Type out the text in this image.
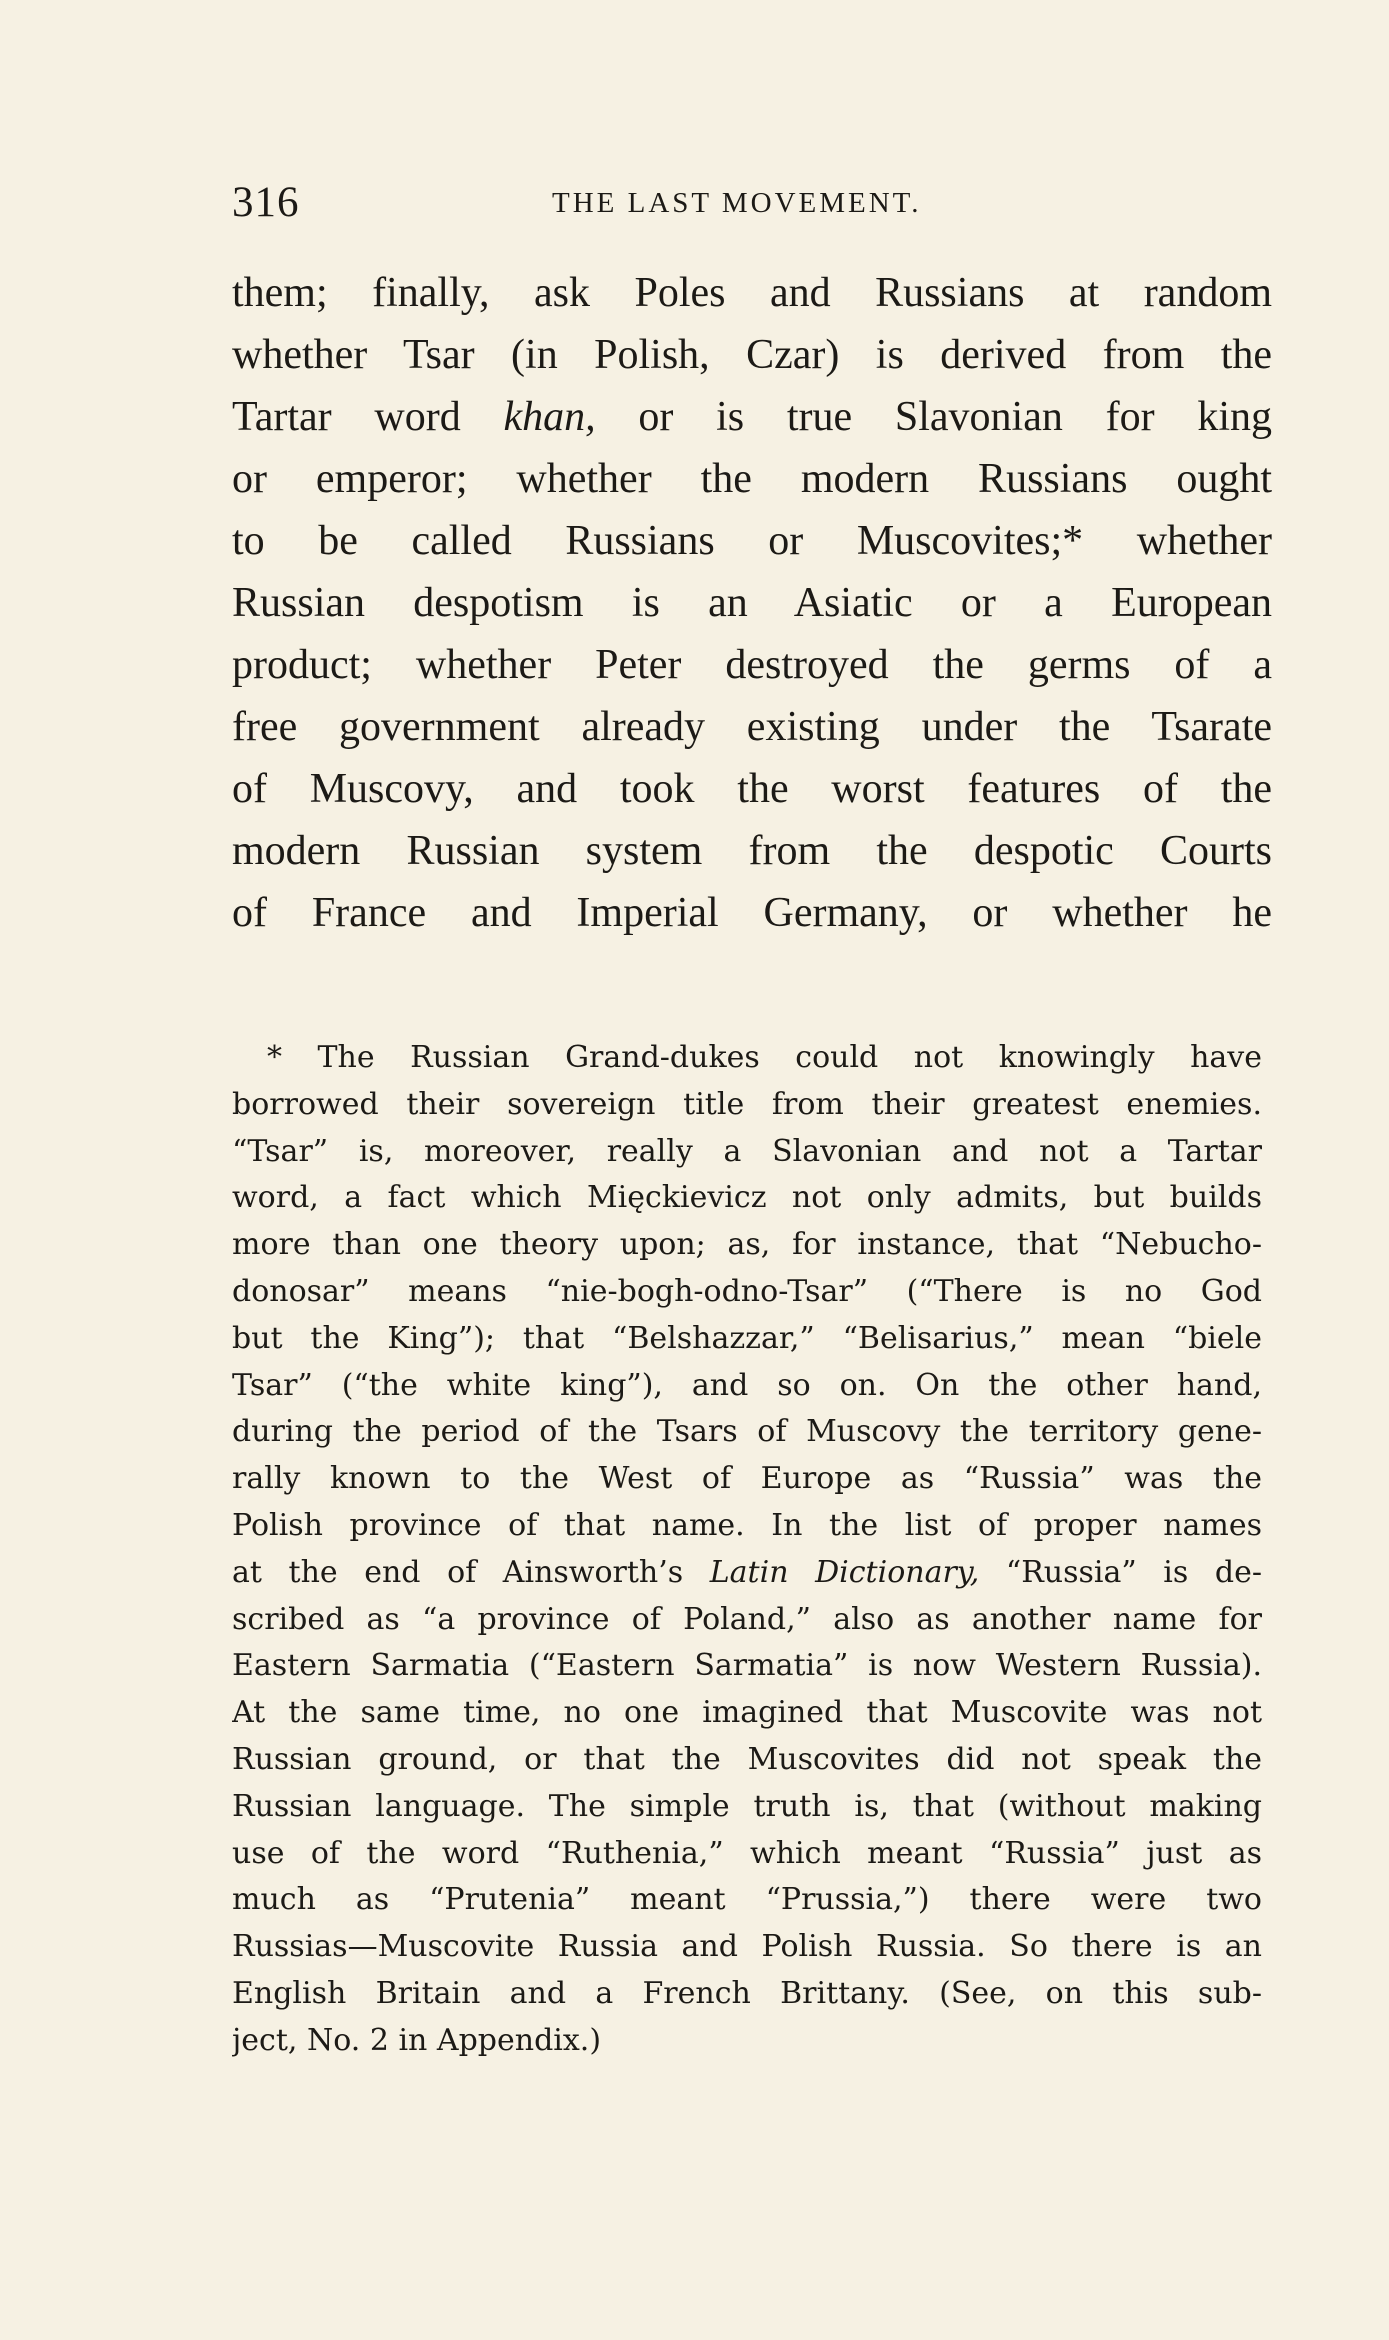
316	THE LAST MOVEMENT.
them; finally, ask Poles and Russians at random
whether Tsar (in Polish, Czar) is derived from the
Tartar word khan, or is true Slavonian for king
or emperor; whether the modern Russians ought
to be called Russians or Muscovites;* whether
Russian despotism is an Asiatic or a European
product; whether Peter destroyed the germs of a
free government already existing under the Tsarate
of Muscovy, and took the worst features of the
modern Russian system from the despotic Courts
of France and Imperial Germany, or whether he
* The Russian Grand-dukes could not knowingly have
borrowed their sovereign title from their greatest enemies.
“Tsar” is, moreover, really a Slavonian and not a Tartar
word, a fact which Mięckievicz not only admits, but builds
more than one theory upon; as, for instance, that “Nebucho-
donosar” means “nie-bogh-odno-Tsar” (“There is no God
but the King”); that “Belshazzar,” “Belisarius,” mean “biele
Tsar” (“the white king”), and so on. On the other hand,
during the period of the Tsars of Muscovy the territory gene-
rally known to the West of Europe as “Russia” was the
Polish province of that name. In the list of proper names
at the end of Ainsworth’s Latin Dictionary, “Russia” is de-
scribed as “a province of Poland,” also as another name for
Eastern Sarmatia (“Eastern Sarmatia” is now Western Russia).
At the same time, no one imagined that Muscovite was not
Russian ground, or that the Muscovites did not speak the
Russian language. The simple truth is, that (without making
use of the word “Ruthenia,” which meant “Russia” just as
much as “Prutenia” meant “Prussia,”) there were two
Russias—Muscovite Russia and Polish Russia. So there is an
English Britain and a French Brittany. (See, on this sub-
ject, No. 2 in Appendix.)
